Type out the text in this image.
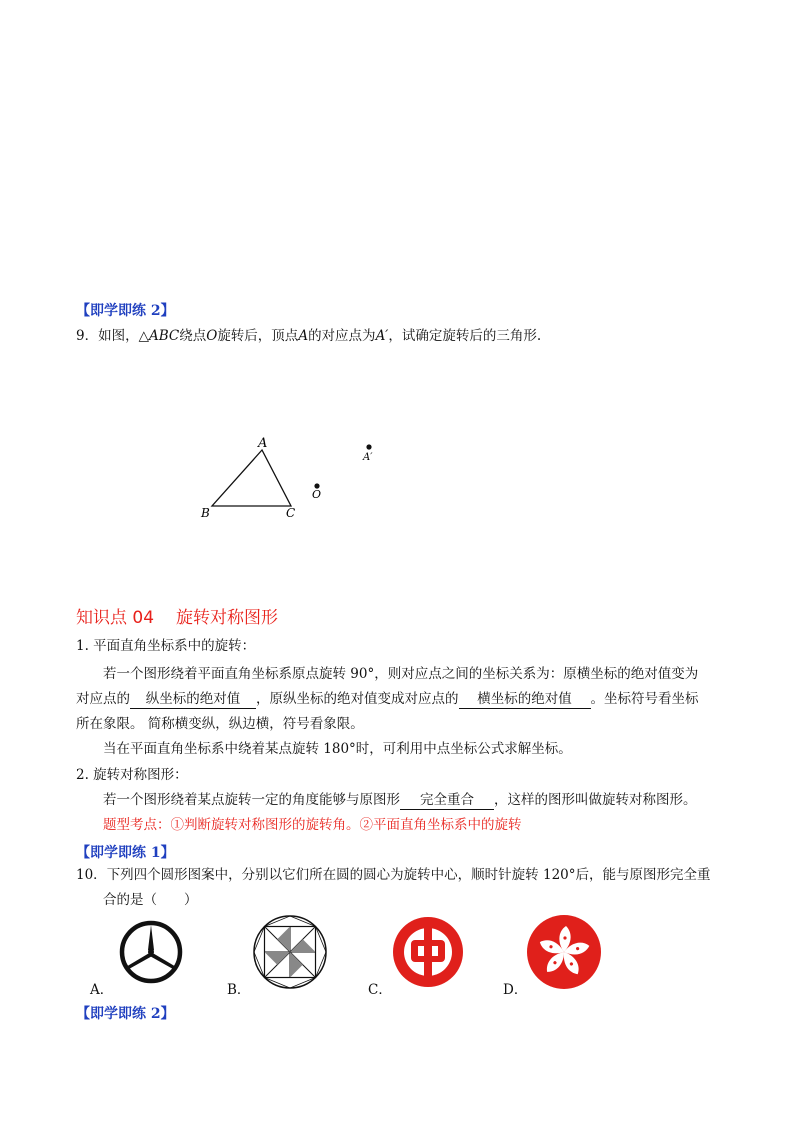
【即学即练 2】
9．如图，△ABC绕点O旋转后，顶点A的对应点为A′，试确定旋转后的三角形.
A
B	C
O
A′
知识点 04 旋转对称图形
1. 平面直角坐标系中的旋转：
若一个图形绕着平面直角坐标系原点旋转 90°，则对应点之间的坐标关系为：原横坐标的绝对值变为
对应点的 纵坐标的绝对值 ，原纵坐标的绝对值变成对应点的 横坐标的绝对值 。坐标符号看坐标
所在象限。 简称横变纵，纵边横，符号看象限。
当在平面直角坐标系中绕着某点旋转 180°时，可利用中点坐标公式求解坐标。
2. 旋转对称图形：
若一个图形绕着某点旋转一定的角度能够与原图形 完全重合 ，这样的图形叫做旋转对称图形。
题型考点：①判断旋转对称图形的旋转角。②平面直角坐标系中的旋转
【即学即练 1】
10．下列四个圆形图案中，分别以它们所在圆的圆心为旋转中心，顺时针旋转 120°后，能与原图形完全重
合的是（　　）
A．	B．	C．	D．
【即学即练 2】
